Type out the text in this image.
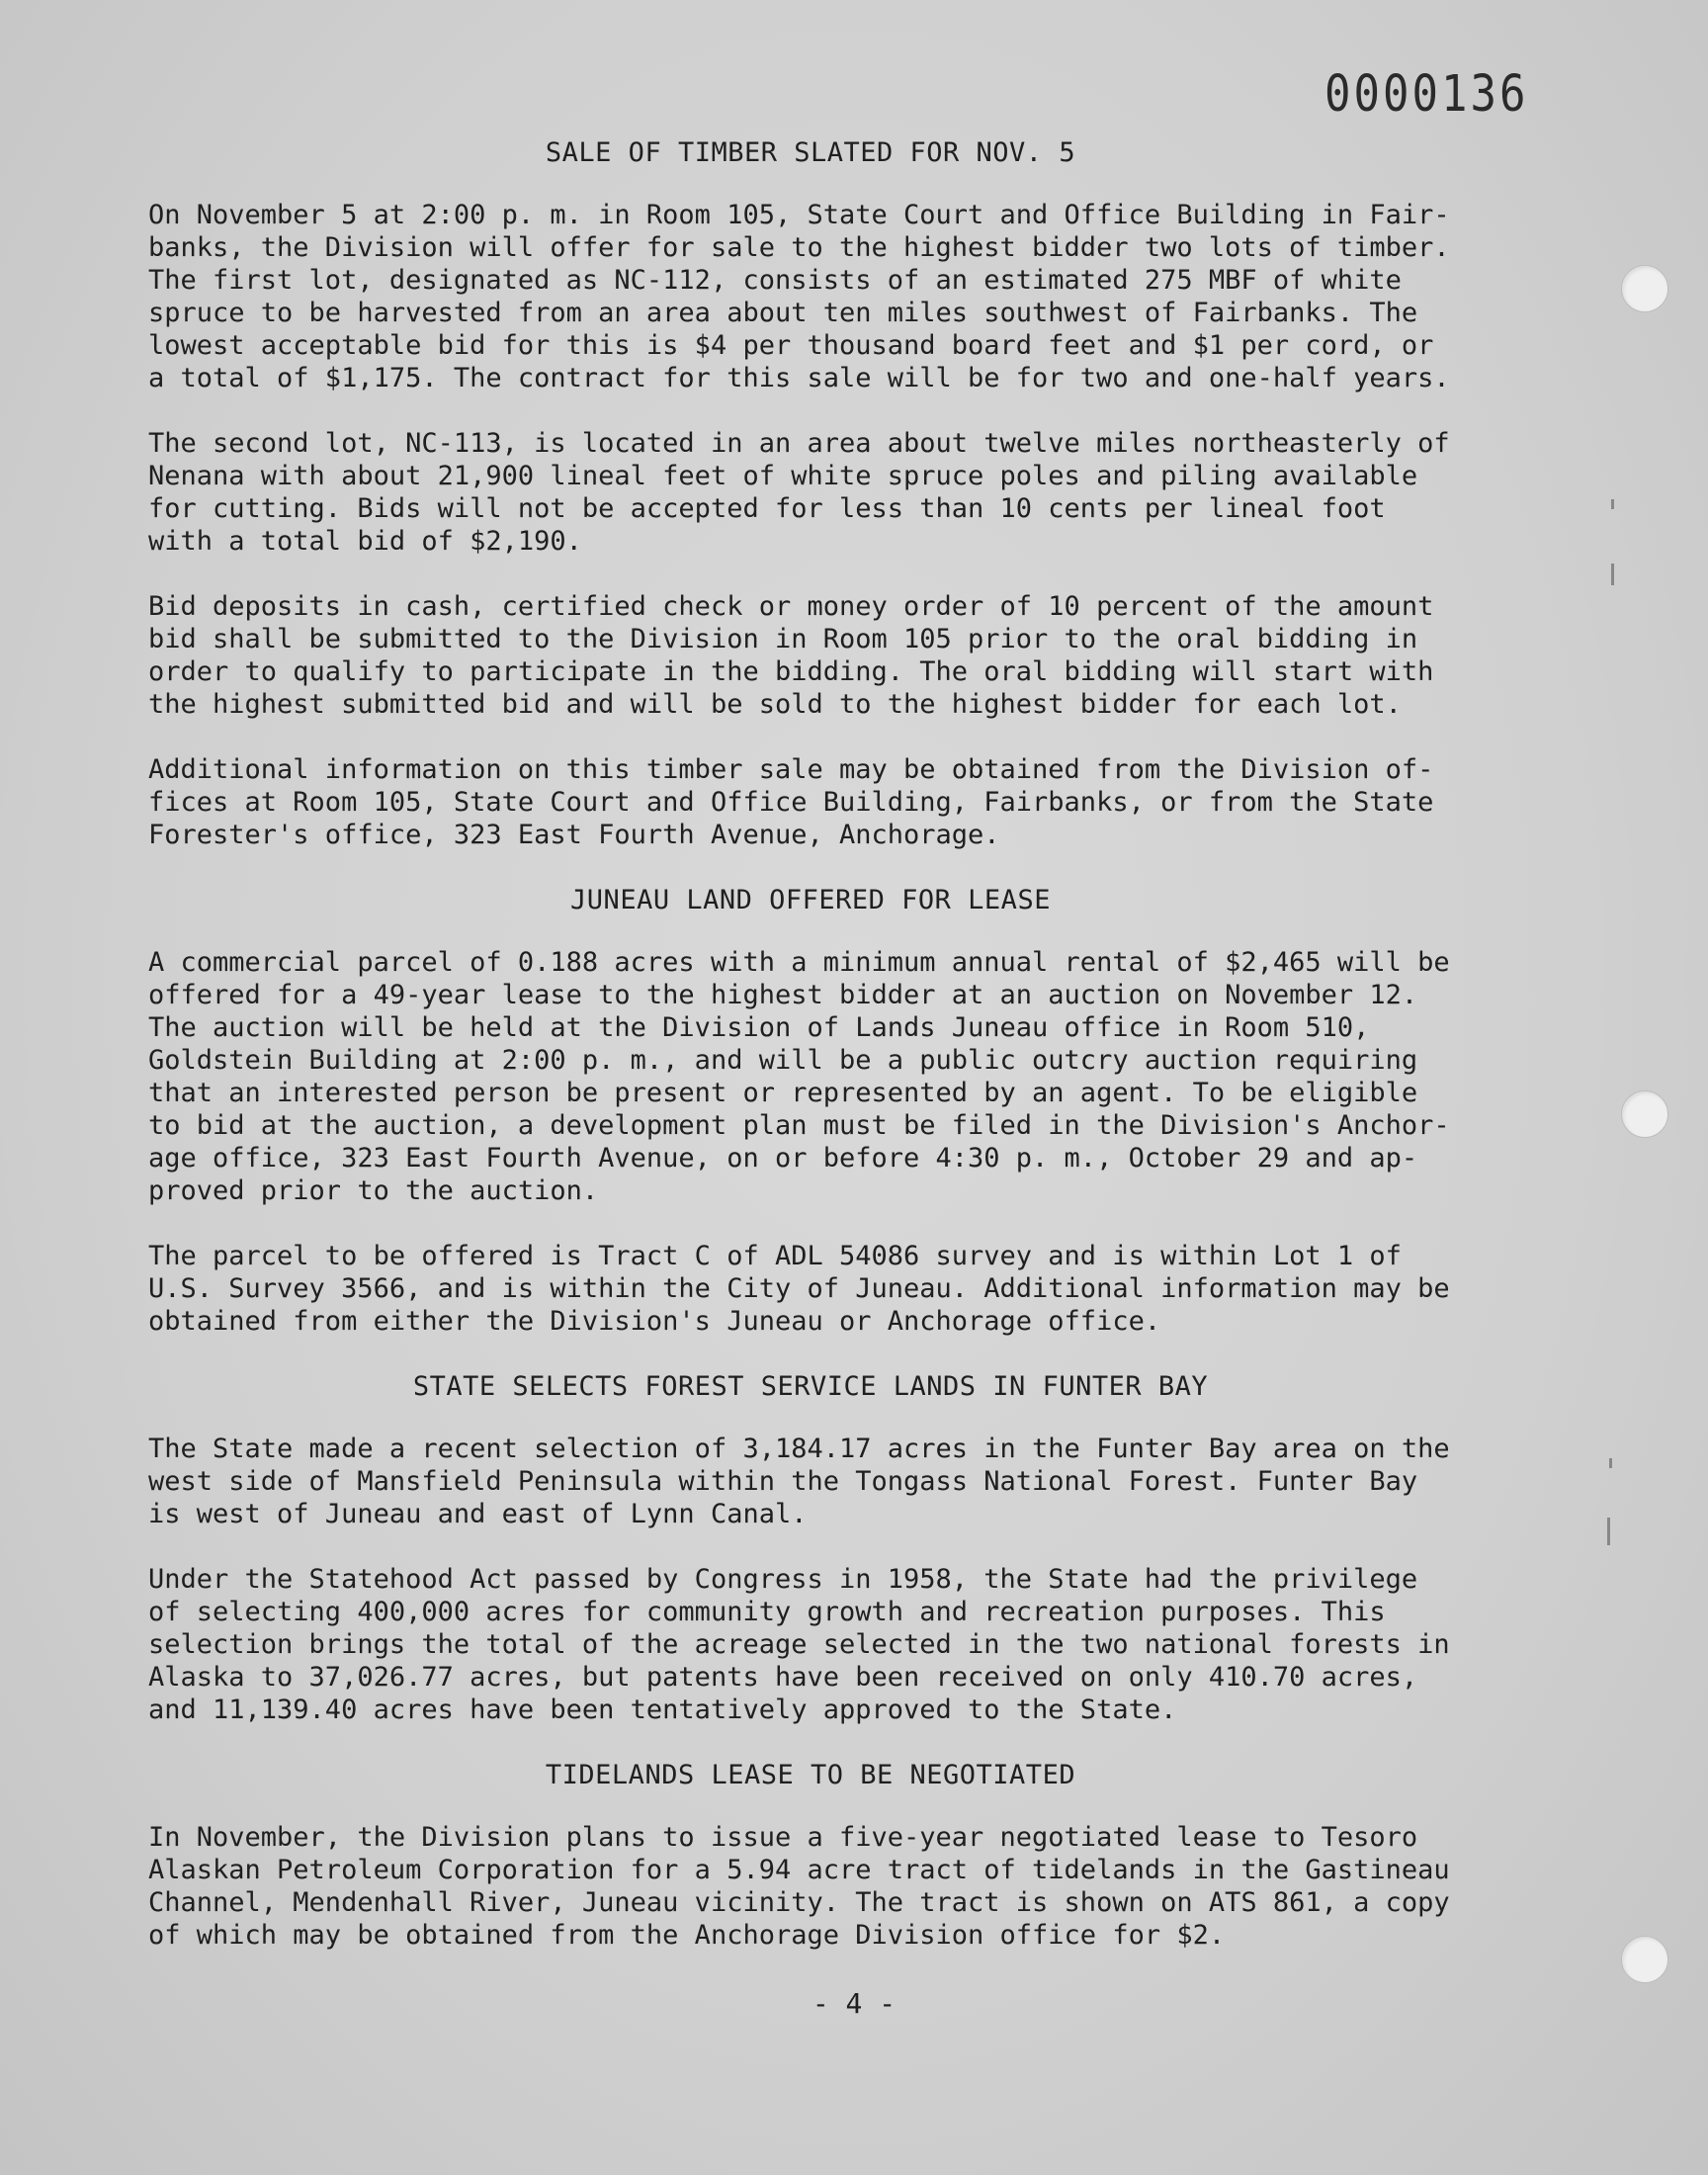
0000136
SALE OF TIMBER SLATED FOR NOV. 5

On November 5 at 2:00 p. m. in Room 105, State Court and Office Building in Fair-
banks, the Division will offer for sale to the highest bidder two lots of timber.
The first lot, designated as NC-112, consists of an estimated 275 MBF of white
spruce to be harvested from an area about ten miles southwest of Fairbanks. The
lowest acceptable bid for this is $4 per thousand board feet and $1 per cord, or
a total of $1,175. The contract for this sale will be for two and one-half years.

The second lot, NC-113, is located in an area about twelve miles northeasterly of
Nenana with about 21,900 lineal feet of white spruce poles and piling available
for cutting. Bids will not be accepted for less than 10 cents per lineal foot
with a total bid of $2,190.

Bid deposits in cash, certified check or money order of 10 percent of the amount
bid shall be submitted to the Division in Room 105 prior to the oral bidding in
order to qualify to participate in the bidding. The oral bidding will start with
the highest submitted bid and will be sold to the highest bidder for each lot.

Additional information on this timber sale may be obtained from the Division of-
fices at Room 105, State Court and Office Building, Fairbanks, or from the State
Forester's office, 323 East Fourth Avenue, Anchorage.

JUNEAU LAND OFFERED FOR LEASE

A commercial parcel of 0.188 acres with a minimum annual rental of $2,465 will be
offered for a 49-year lease to the highest bidder at an auction on November 12.
The auction will be held at the Division of Lands Juneau office in Room 510,
Goldstein Building at 2:00 p. m., and will be a public outcry auction requiring
that an interested person be present or represented by an agent. To be eligible
to bid at the auction, a development plan must be filed in the Division's Anchor-
age office, 323 East Fourth Avenue, on or before 4:30 p. m., October 29 and ap-
proved prior to the auction.

The parcel to be offered is Tract C of ADL 54086 survey and is within Lot 1 of
U.S. Survey 3566, and is within the City of Juneau. Additional information may be
obtained from either the Division's Juneau or Anchorage office.

STATE SELECTS FOREST SERVICE LANDS IN FUNTER BAY

The State made a recent selection of 3,184.17 acres in the Funter Bay area on the
west side of Mansfield Peninsula within the Tongass National Forest. Funter Bay
is west of Juneau and east of Lynn Canal.

Under the Statehood Act passed by Congress in 1958, the State had the privilege
of selecting 400,000 acres for community growth and recreation purposes. This
selection brings the total of the acreage selected in the two national forests in
Alaska to 37,026.77 acres, but patents have been received on only 410.70 acres,
and 11,139.40 acres have been tentatively approved to the State.

TIDELANDS LEASE TO BE NEGOTIATED

In November, the Division plans to issue a five-year negotiated lease to Tesoro
Alaskan Petroleum Corporation for a 5.94 acre tract of tidelands in the Gastineau
Channel, Mendenhall River, Juneau vicinity. The tract is shown on ATS 861, a copy
of which may be obtained from the Anchorage Division office for $2.

- 4 -
